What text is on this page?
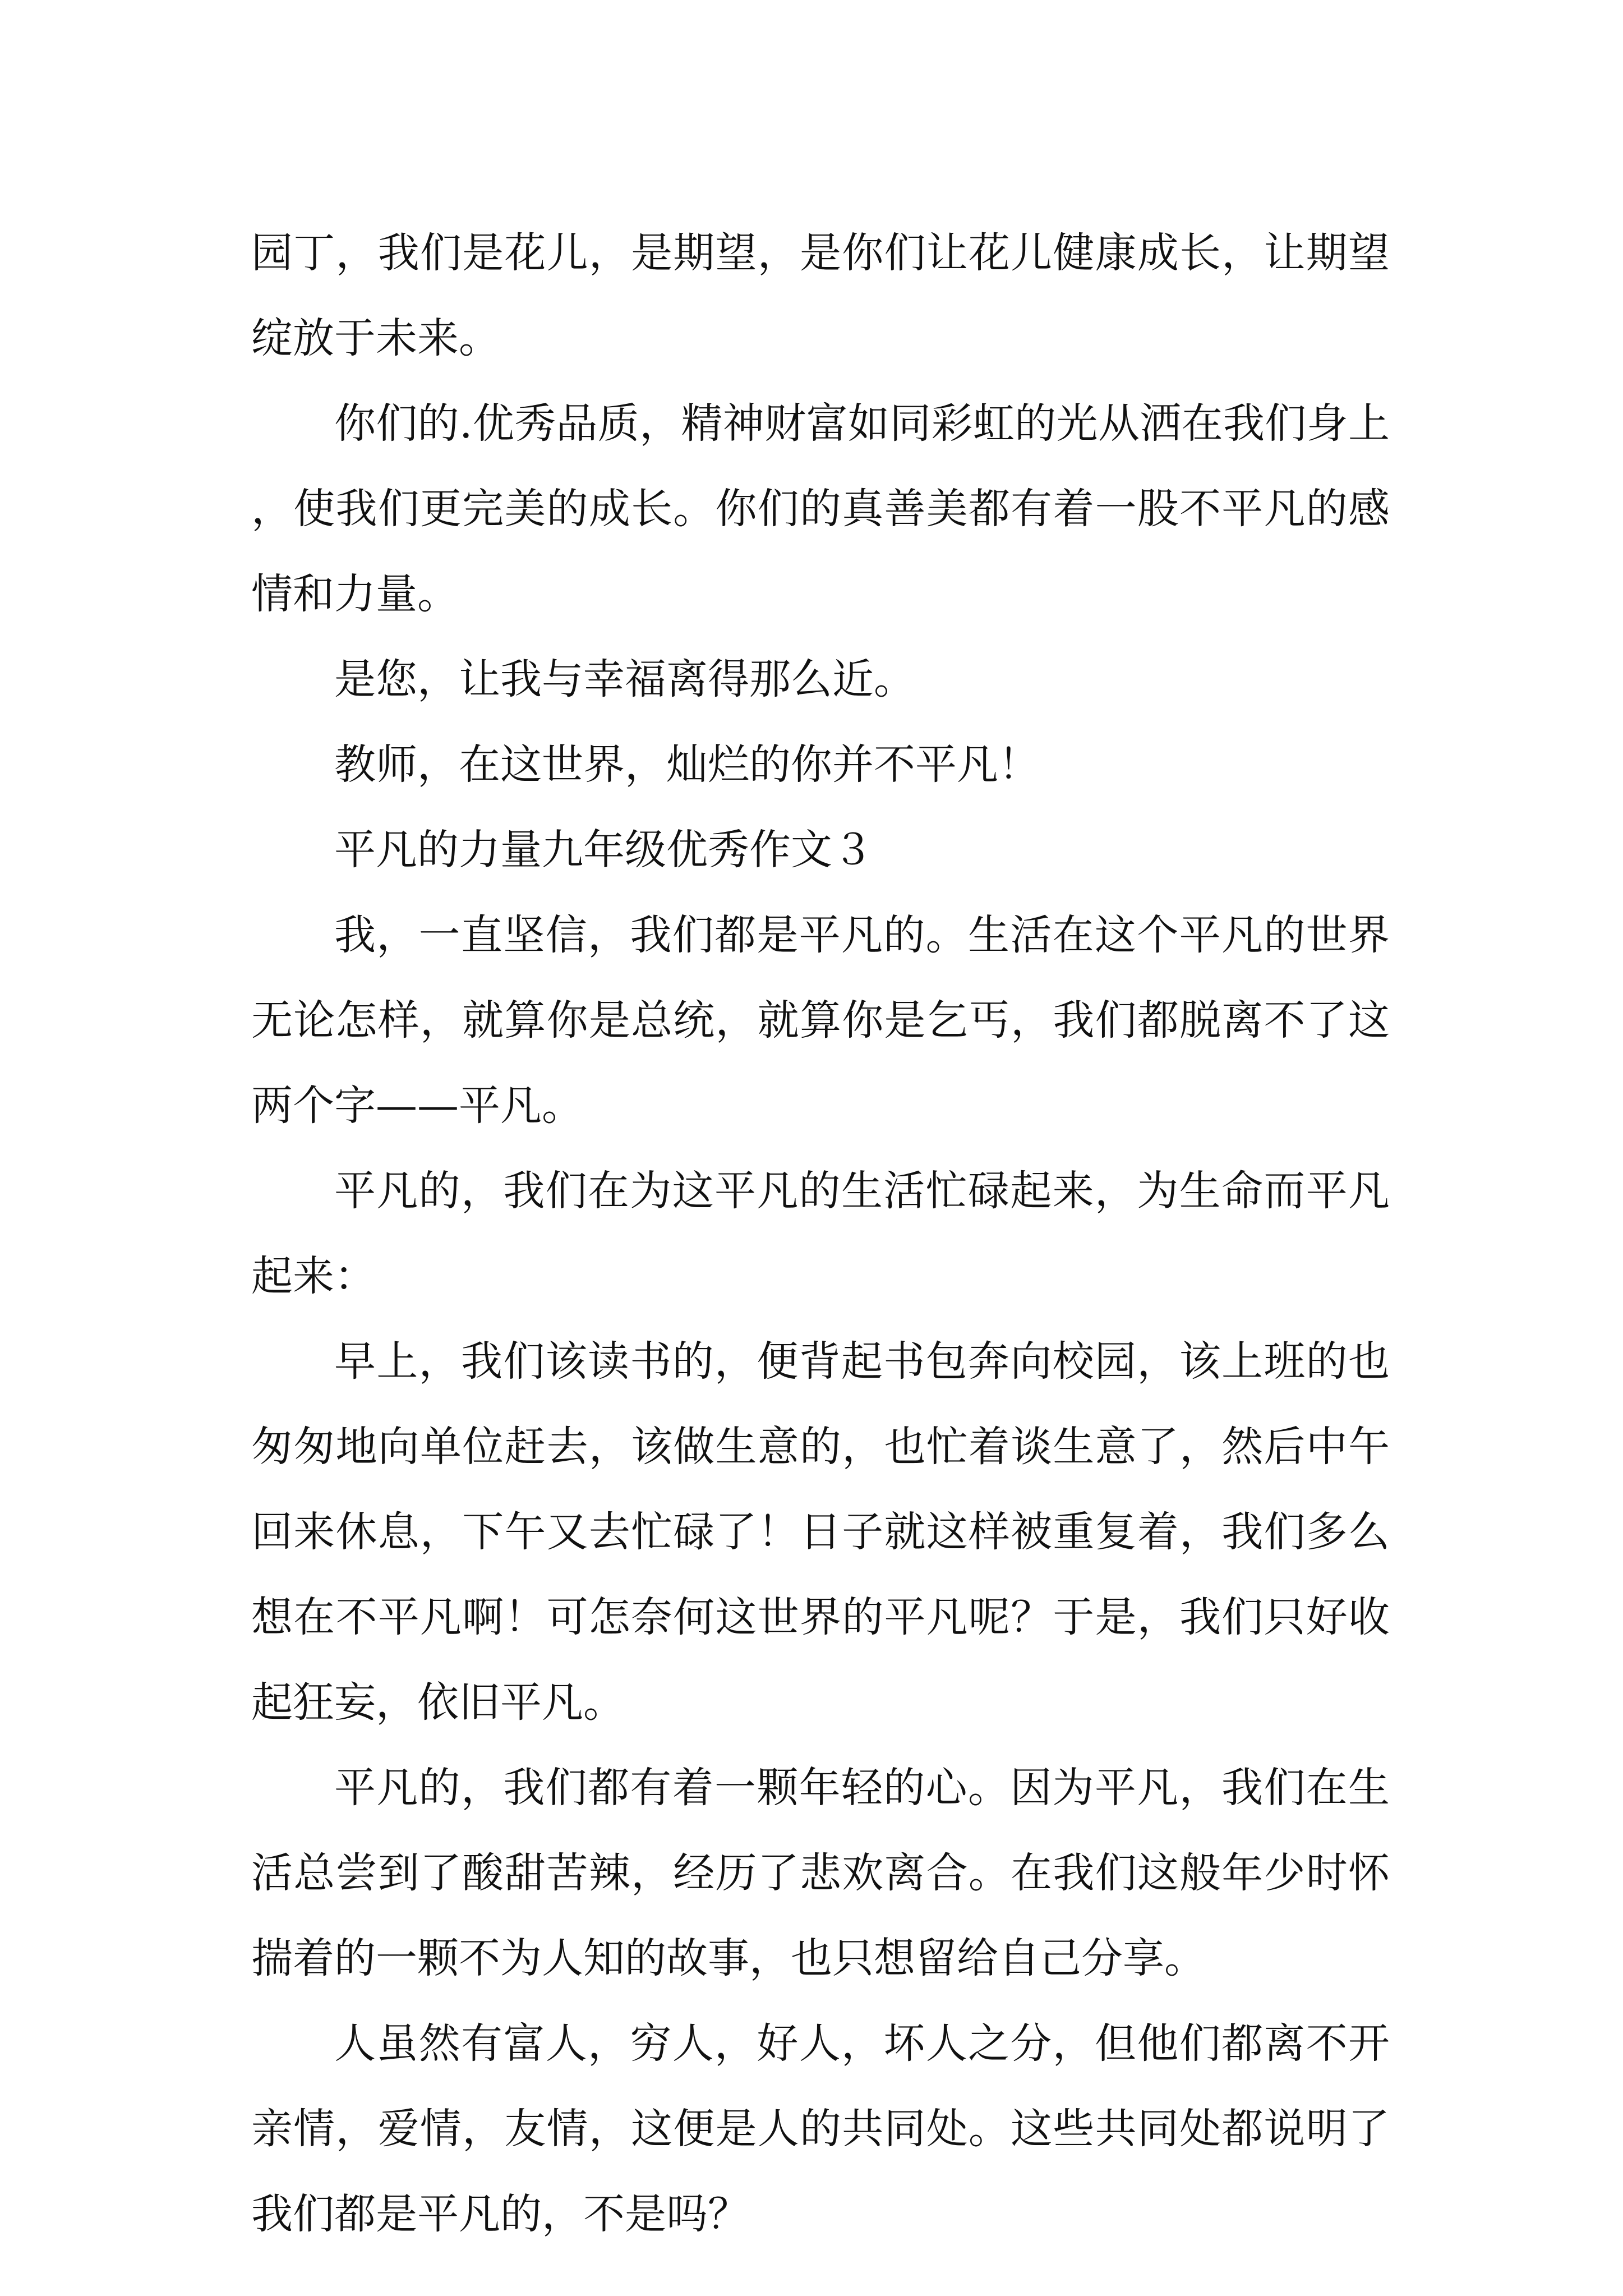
园丁，我们是花儿，是期望，是你们让花儿健康成长，让期望绽放于未来。

你们的.优秀品质，精神财富如同彩虹的光从洒在我们身上，使我们更完美的成长。你们的真善美都有着一股不平凡的感情和力量。

是您，让我与幸福离得那么近。

教师，在这世界，灿烂的你并不平凡！

平凡的力量九年级优秀作文３

我，一直坚信，我们都是平凡的。生活在这个平凡的世界无论怎样，就算你是总统，就算你是乞丐，我们都脱离不了这两个字——平凡。

平凡的，我们在为这平凡的生活忙碌起来，为生命而平凡起来：

早上，我们该读书的，便背起书包奔向校园，该上班的也匆匆地向单位赶去，该做生意的，也忙着谈生意了，然后中午回来休息，下午又去忙碌了！日子就这样被重复着，我们多么想在不平凡啊！可怎奈何这世界的平凡呢？于是，我们只好收起狂妄，依旧平凡。

平凡的，我们都有着一颗年轻的心。因为平凡，我们在生活总尝到了酸甜苦辣，经历了悲欢离合。在我们这般年少时怀揣着的一颗不为人知的故事，也只想留给自己分享。

人虽然有富人，穷人，好人，坏人之分，但他们都离不开亲情，爱情，友情，这便是人的共同处。这些共同处都说明了我们都是平凡的，不是吗？
